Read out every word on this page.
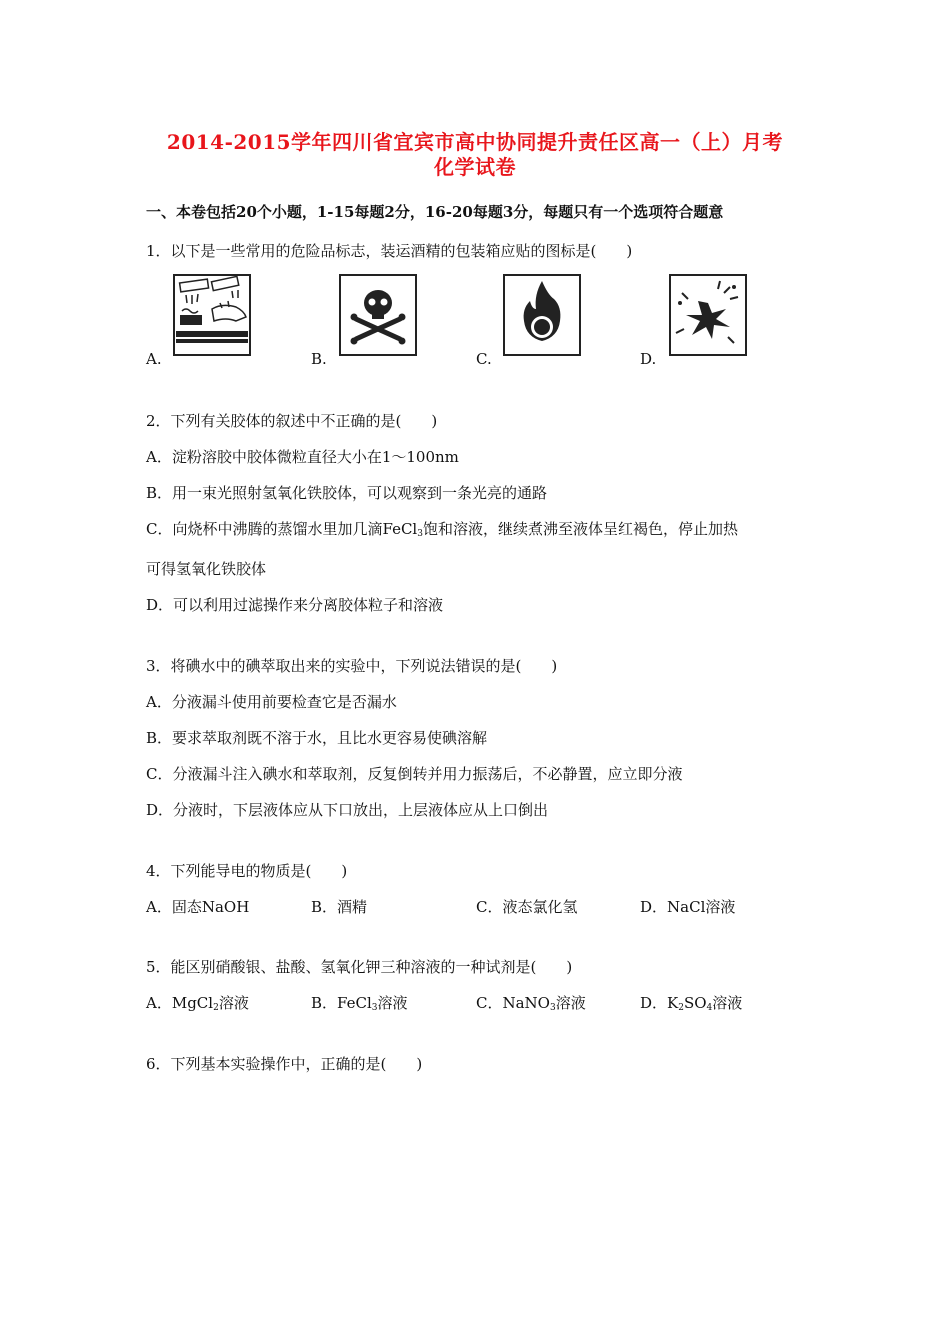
2014-2015学年四川省宜宾市高中协同提升责任区高一（上）月考
化学试卷
一、本卷包括20个小题，1-15每题2分，16-20每题3分，每题只有一个选项符合题意
1．以下是一些常用的危险品标志，装运酒精的包装箱应贴的图标是(　　)
A.	B.	C.	D.
2．下列有关胶体的叙述中不正确的是(　　)
A．淀粉溶胶中胶体微粒直径大小在1～100nm
B．用一束光照射氢氧化铁胶体，可以观察到一条光亮的通路
C．向烧杯中沸腾的蒸馏水里加几滴FeCl$_3$饱和溶液，继续煮沸至液体呈红褐色，停止加热
可得氢氧化铁胶体
D．可以利用过滤操作来分离胶体粒子和溶液
3．将碘水中的碘萃取出来的实验中，下列说法错误的是(　　)
A．分液漏斗使用前要检查它是否漏水
B．要求萃取剂既不溶于水，且比水更容易使碘溶解
C．分液漏斗注入碘水和萃取剂，反复倒转并用力振荡后，不必静置，应立即分液
D．分液时，下层液体应从下口放出，上层液体应从上口倒出
4．下列能导电的物质是(　　)
A．固态NaOH	B．酒精	C．液态氯化氢	D．NaCl溶液
5．能区别硝酸银、盐酸、氢氧化钾三种溶液的一种试剂是(　　)
A．MgCl$_2$溶液	B．FeCl$_3$溶液	C．NaNO$_3$溶液	D．$K_2SO_4$溶液
6．下列基本实验操作中，正确的是(　　)
